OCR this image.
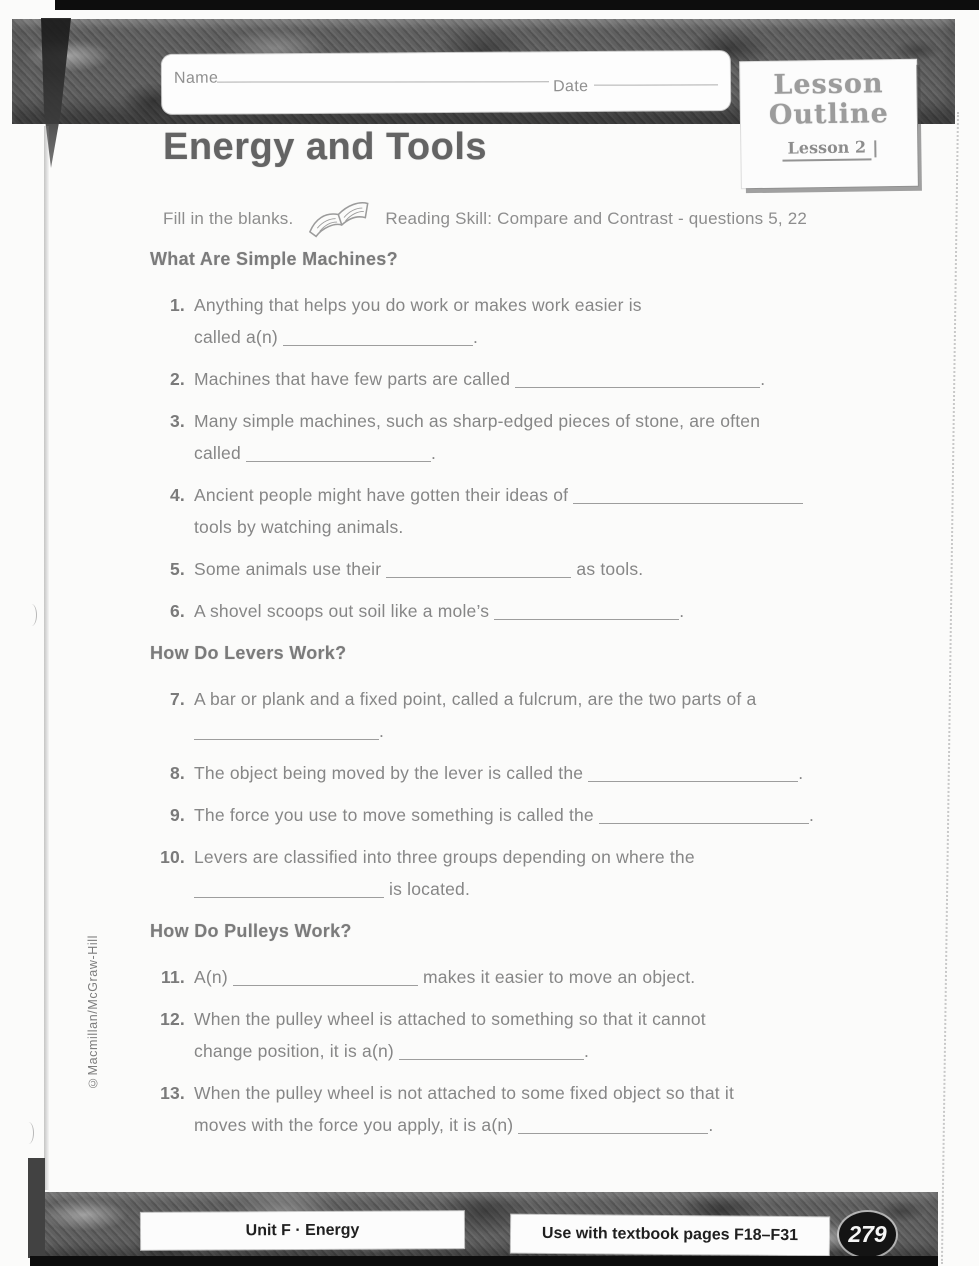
Name	Date	Lesson
Outline
Lesson 2
Energy and Tools
Fill in the blanks.	Reading Skill: Compare and Contrast - questions 5, 22
What Are Simple Machines?
1. Anything that helps you do work or makes work easier is
called a(n)	.
2. Machines that have few parts are called	.
3. Many simple machines, such as sharp-edged pieces of stone, are often
called	.
4. Ancient people might have gotten their ideas of
tools by watching animals.
5. Some animals use their	as tools.
6. A shovel scoops out soil like a mole’s	.
How Do Levers Work?
7. A bar or plank and a fixed point, called a fulcrum, are the two parts of a
.
8. The object being moved by the lever is called the	.
9. The force you use to move something is called the	.
10. Levers are classified into three groups depending on where the
is located.
How Do Pulleys Work?
11. A(n)	makes it easier to move an object.
12. When the pulley wheel is attached to something so that it cannot
change position, it is a(n)	.
13. When the pulley wheel is not attached to some fixed object so that it
moves with the force you apply, it is a(n)	.
©Macmillan/McGraw-Hill
Unit F · Energy	Use with textbook pages F18–F31	279
